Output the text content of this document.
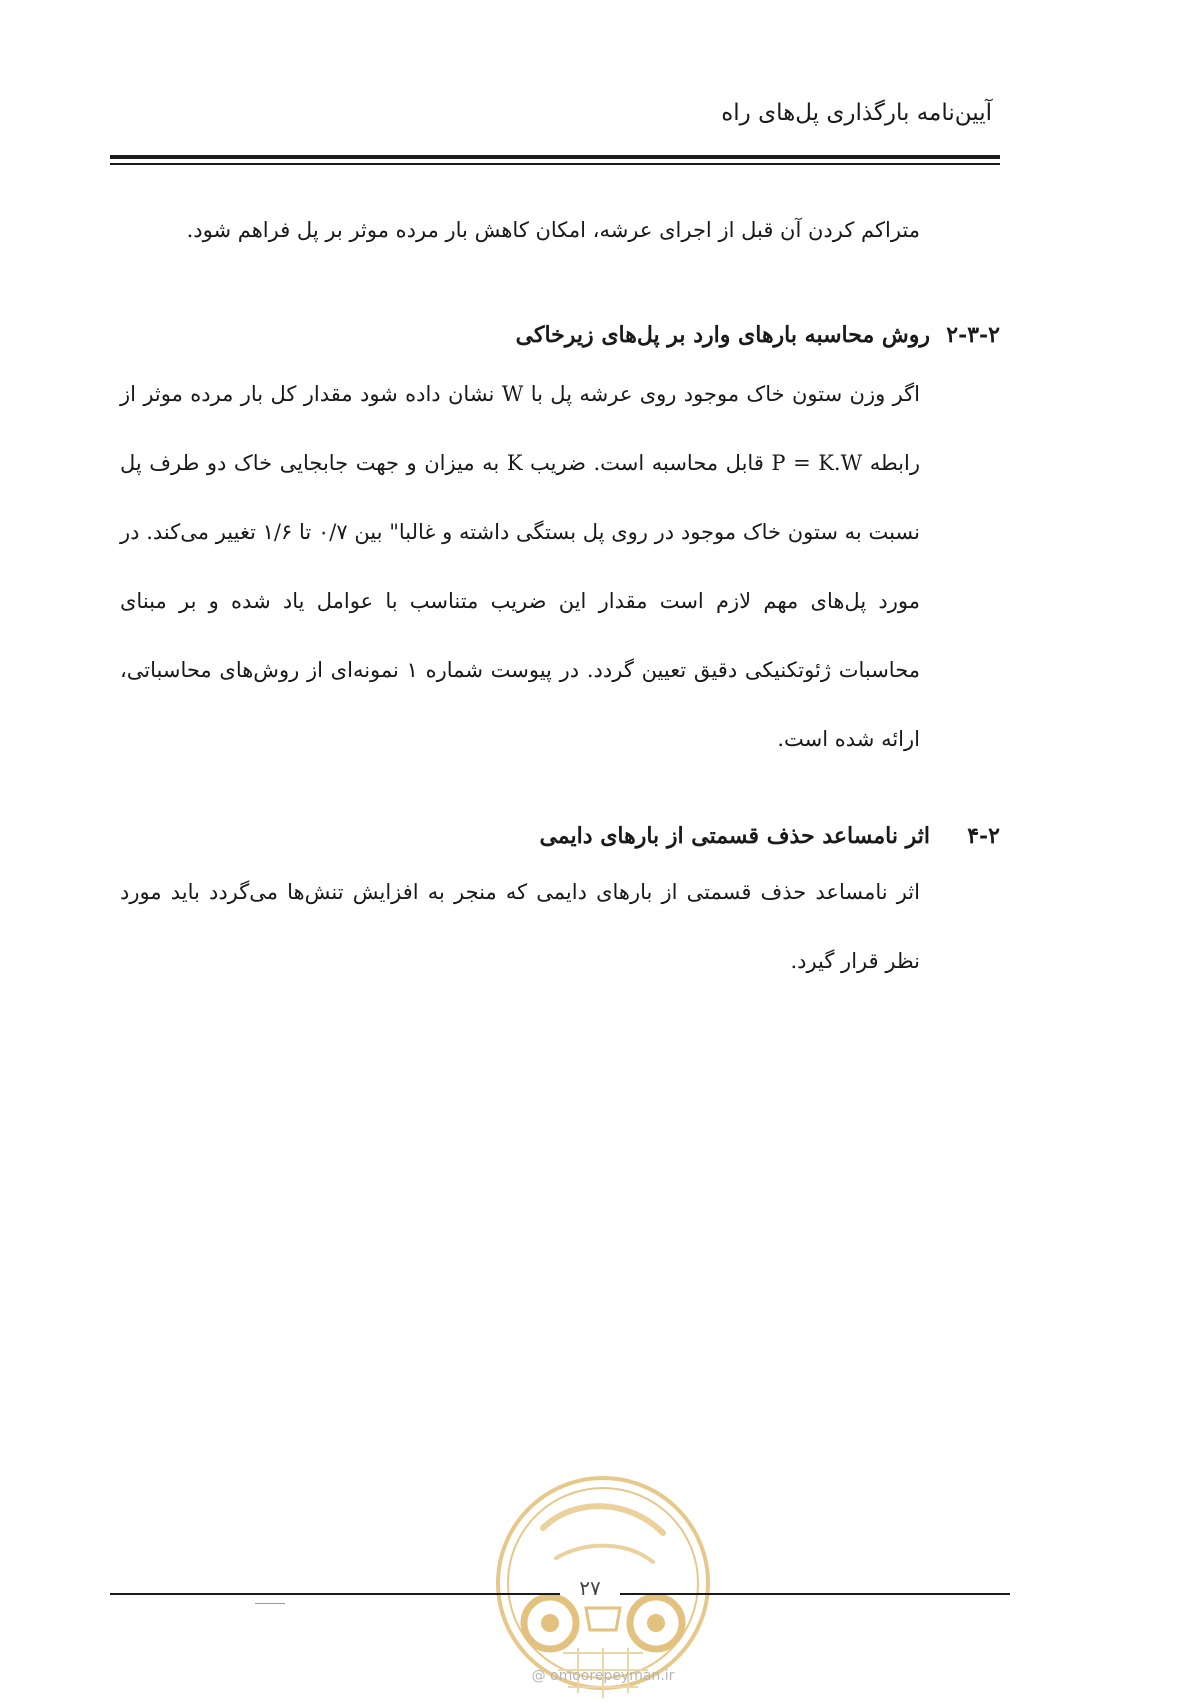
آیین‌نامه بارگذاری پل‌های راه

متراکم کردن آن قبل از اجرای عرشه، امکان کاهش بار مرده موثر بر پل فراهم شود.

۲-۳-۲روش محاسبه بارهای وارد بر پل‌های زیرخاکی

اگر وزن ستون خاک موجود روی عرشه پل با W نشان داده شود مقدار کل بار مرده موثر از رابطه P = K.W قابل محاسبه است. ضریب K به میزان و جهت جابجایی خاک دو طرف پل نسبت به ستون خاک موجود در روی پل بستگی داشته و غالبا" بین ۰/۷ تا ۱/۶ تغییر می‌کند. در مورد پل‌های مهم لازم است مقدار این ضریب متناسب با عوامل یاد شده و بر مبنای محاسبات ژئوتکنیکی دقیق تعیین گردد. در پیوست شماره ۱ نمونه‌ای از روش‌های محاسباتی، ارائه شده است.

۴-۲اثر نامساعد حذف قسمتی از بارهای دایمی

اثر نامساعد حذف قسمتی از بارهای دایمی که منجر به افزایش تنش‌ها می‌گردد باید مورد نظر قرار گیرد.

۲۷
@ omoorepeyman.ir
